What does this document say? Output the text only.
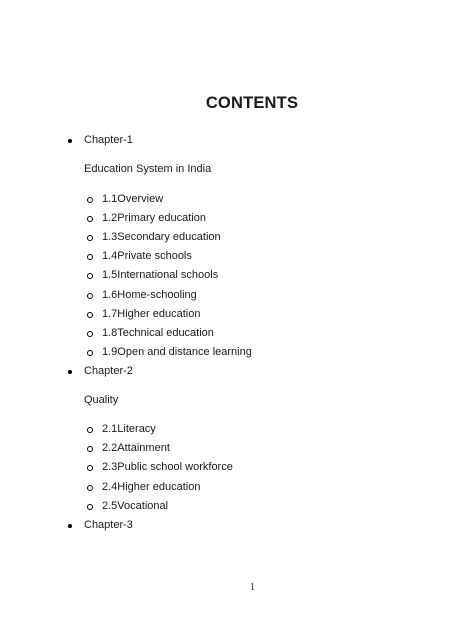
CONTENTS
Chapter-1
Education System in India
1.1Overview
1.2Primary education
1.3Secondary education
1.4Private schools
1.5International schools
1.6Home-schooling
1.7Higher education
1.8Technical education
1.9Open and distance learning
Chapter-2
Quality
2.1Literacy
2.2Attainment
2.3Public school workforce
2.4Higher education
2.5Vocational
Chapter-3
1
